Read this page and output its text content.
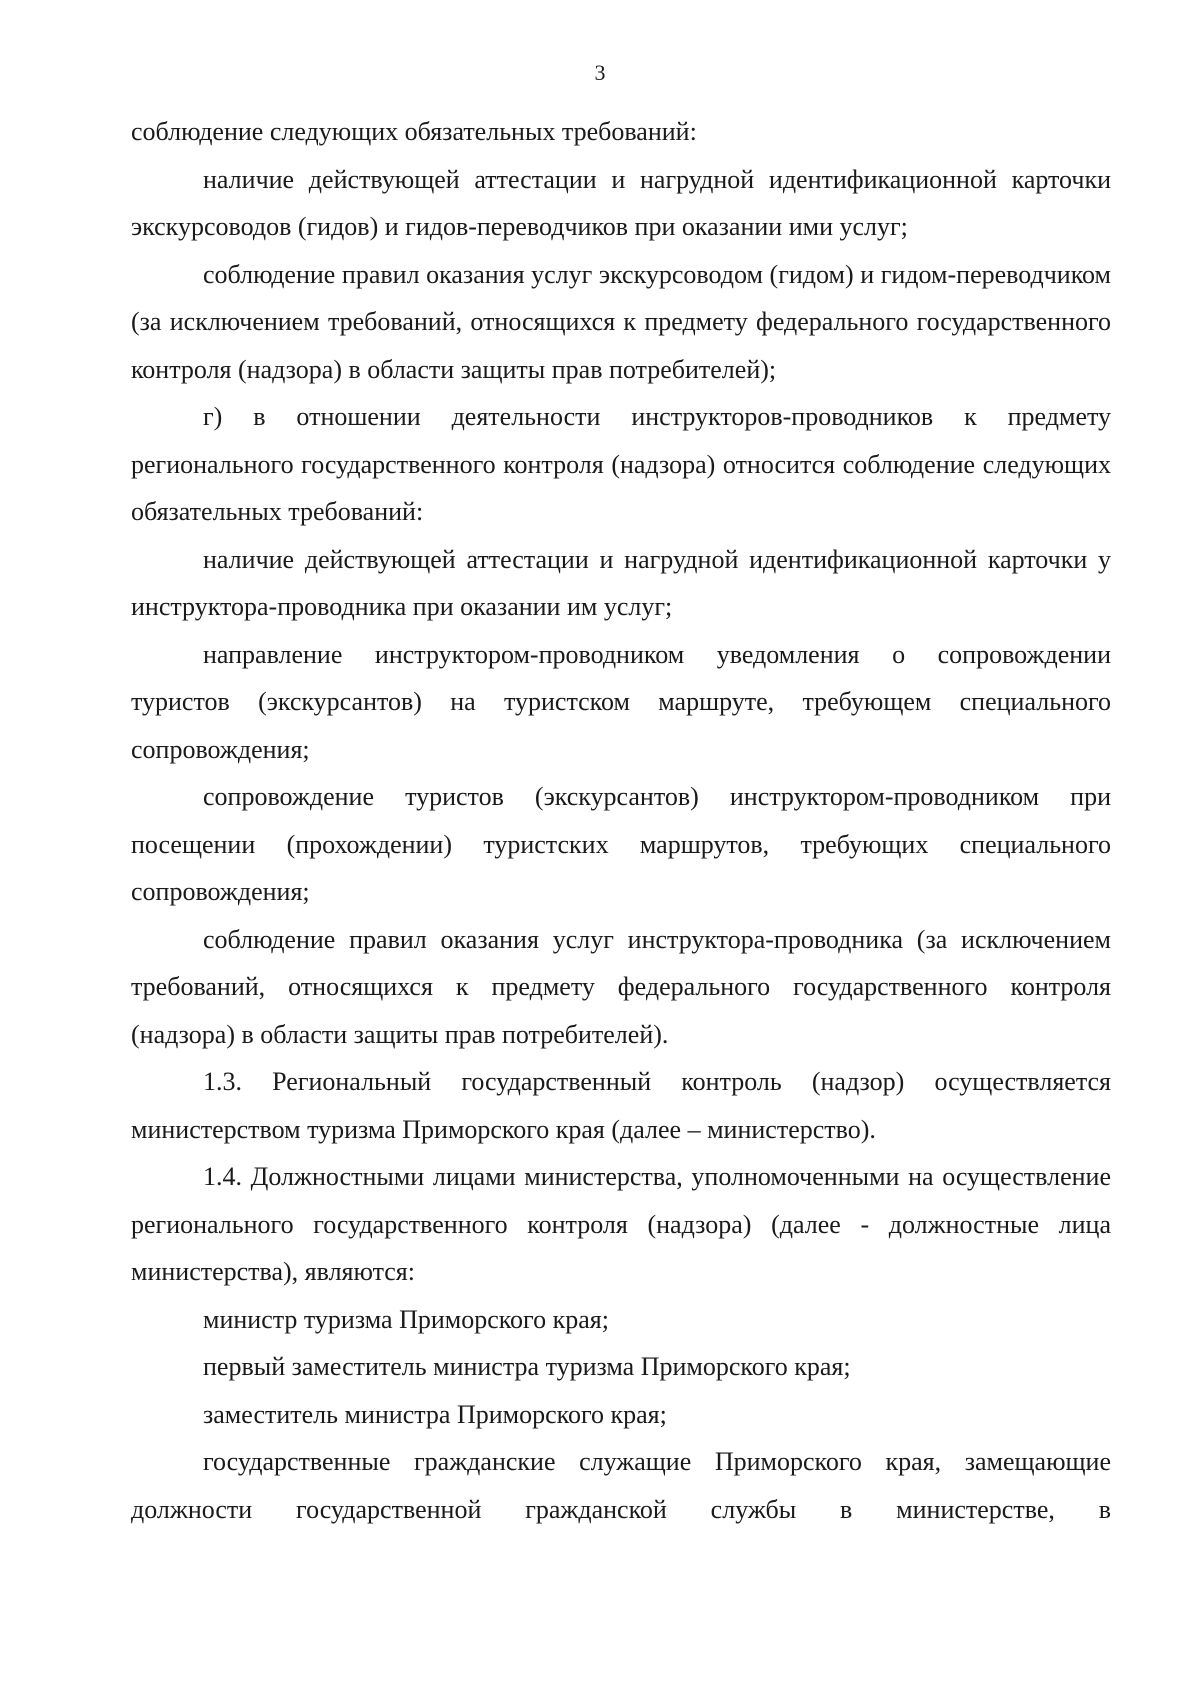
3

соблюдение следующих обязательных требований:

наличие действующей аттестации и нагрудной идентификационной карточки экскурсоводов (гидов) и гидов-переводчиков при оказании ими услуг;

соблюдение правил оказания услуг экскурсоводом (гидом) и гидом-переводчиком (за исключением требований, относящихся к предмету федерального государственного контроля (надзора) в области защиты прав потребителей);

г) в отношении деятельности инструкторов-проводников к предмету регионального государственного контроля (надзора) относится соблюдение следующих обязательных требований:

наличие действующей аттестации и нагрудной идентификационной карточки у инструктора-проводника при оказании им услуг;

направление инструктором-проводником уведомления о сопровождении туристов (экскурсантов) на туристском маршруте, требующем специального сопровождения;

сопровождение туристов (экскурсантов) инструктором-проводником при посещении (прохождении) туристских маршрутов, требующих специального сопровождения;

соблюдение правил оказания услуг инструктора-проводника (за исключением требований, относящихся к предмету федерального государственного контроля (надзора) в области защиты прав потребителей).

1.3. Региональный государственный контроль (надзор) осуществляется министерством туризма Приморского края (далее – министерство).

1.4. Должностными лицами министерства, уполномоченными на осуществление регионального государственного контроля (надзора) (далее - должностные лица министерства), являются:

министр туризма Приморского края;

первый заместитель министра туризма Приморского края;

заместитель министра Приморского края;

государственные гражданские служащие Приморского края, замещающие должности государственной гражданской службы в министерстве, в
